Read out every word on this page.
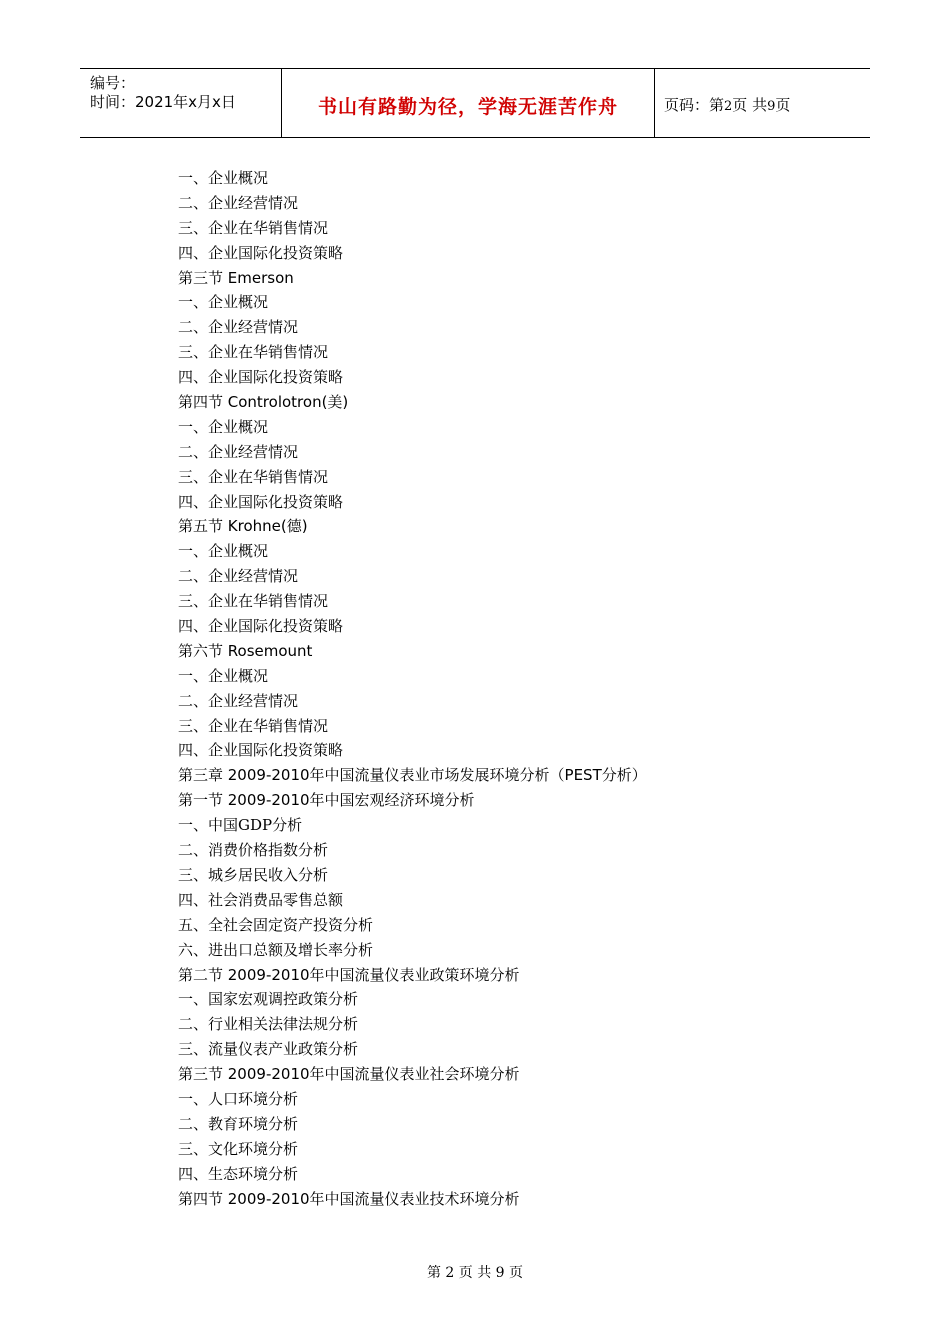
编号：
时间：2021年x月x日	书山有路勤为径，学海无涯苦作舟	页码：第2页 共9页
一、企业概况
二、企业经营情况
三、企业在华销售情况
四、企业国际化投资策略
第三节 Emerson
一、企业概况
二、企业经营情况
三、企业在华销售情况
四、企业国际化投资策略
第四节 Controlotron(美)
一、企业概况
二、企业经营情况
三、企业在华销售情况
四、企业国际化投资策略
第五节 Krohne(德)
一、企业概况
二、企业经营情况
三、企业在华销售情况
四、企业国际化投资策略
第六节 Rosemount
一、企业概况
二、企业经营情况
三、企业在华销售情况
四、企业国际化投资策略
第三章 2009-2010年中国流量仪表业市场发展环境分析（PEST分析）
第一节 2009-2010年中国宏观经济环境分析
一、中国GDP分析
二、消费价格指数分析
三、城乡居民收入分析
四、社会消费品零售总额
五、全社会固定资产投资分析
六、进出口总额及增长率分析
第二节 2009-2010年中国流量仪表业政策环境分析
一、国家宏观调控政策分析
二、行业相关法律法规分析
三、流量仪表产业政策分析
第三节 2009-2010年中国流量仪表业社会环境分析
一、人口环境分析
二、教育环境分析
三、文化环境分析
四、生态环境分析
第四节 2009-2010年中国流量仪表业技术环境分析
第 2 页 共 9 页
